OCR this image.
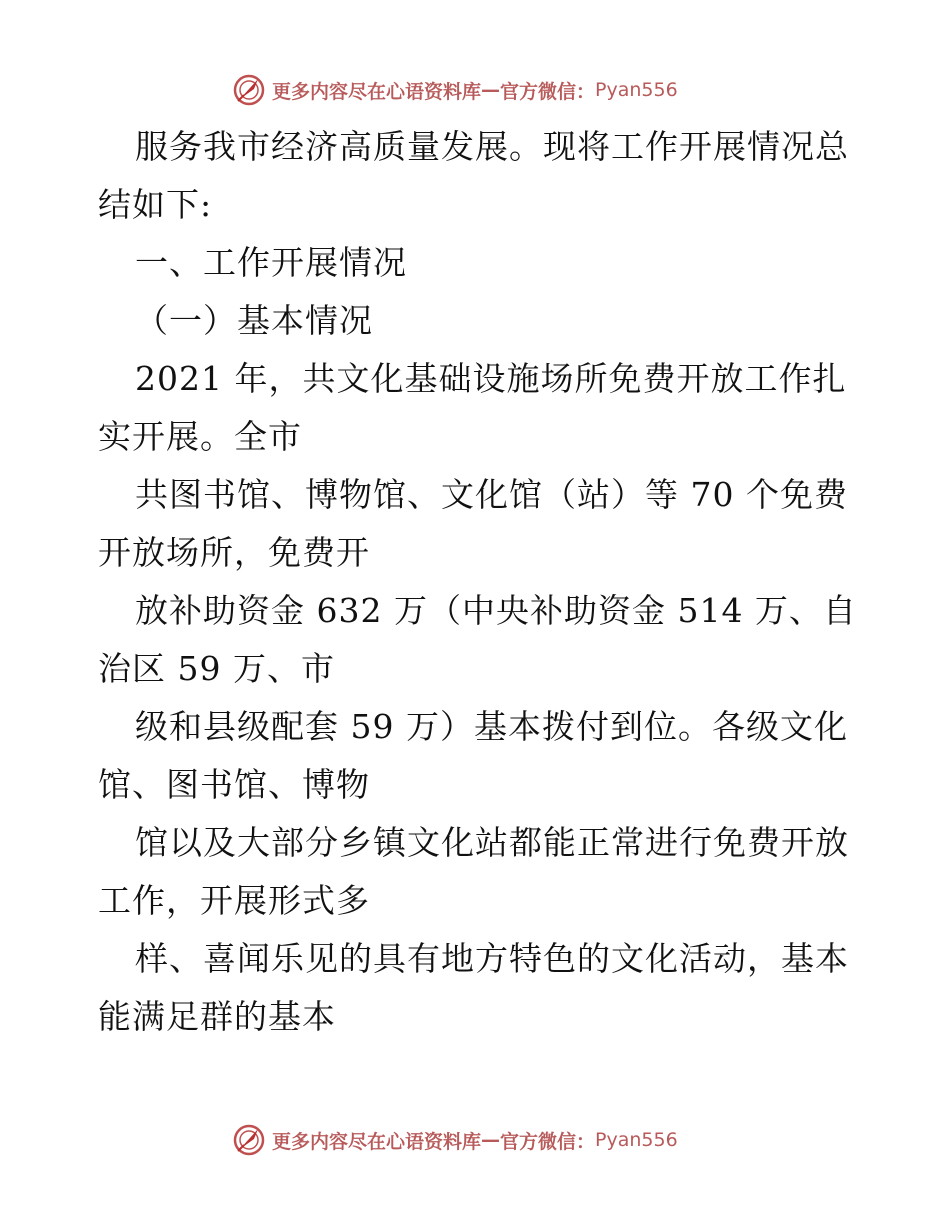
更多内容尽在心语资料库 — 官方微信： Pyan556
服务我市经济高质量发展。现将工作开展情况总
结如下:
一、工作开展情况
（一）基本情况
2021 年，共文化基础设施场所免费开放工作扎
实开展。全市
共图书馆、博物馆、文化馆（站）等 70 个免费
开放场所，免费开
放补助资金 632 万（中央补助资金 514 万、自
治区 59 万、市
级和县级配套 59 万）基本拨付到位。各级文化
馆、图书馆、博物
馆以及大部分乡镇文化站都能正常进行免费开放
工作，开展形式多
样、喜闻乐见的具有地方特色的文化活动，基本
能满足群的基本
更多内容尽在心语资料库 — 官方微信： Pyan556
